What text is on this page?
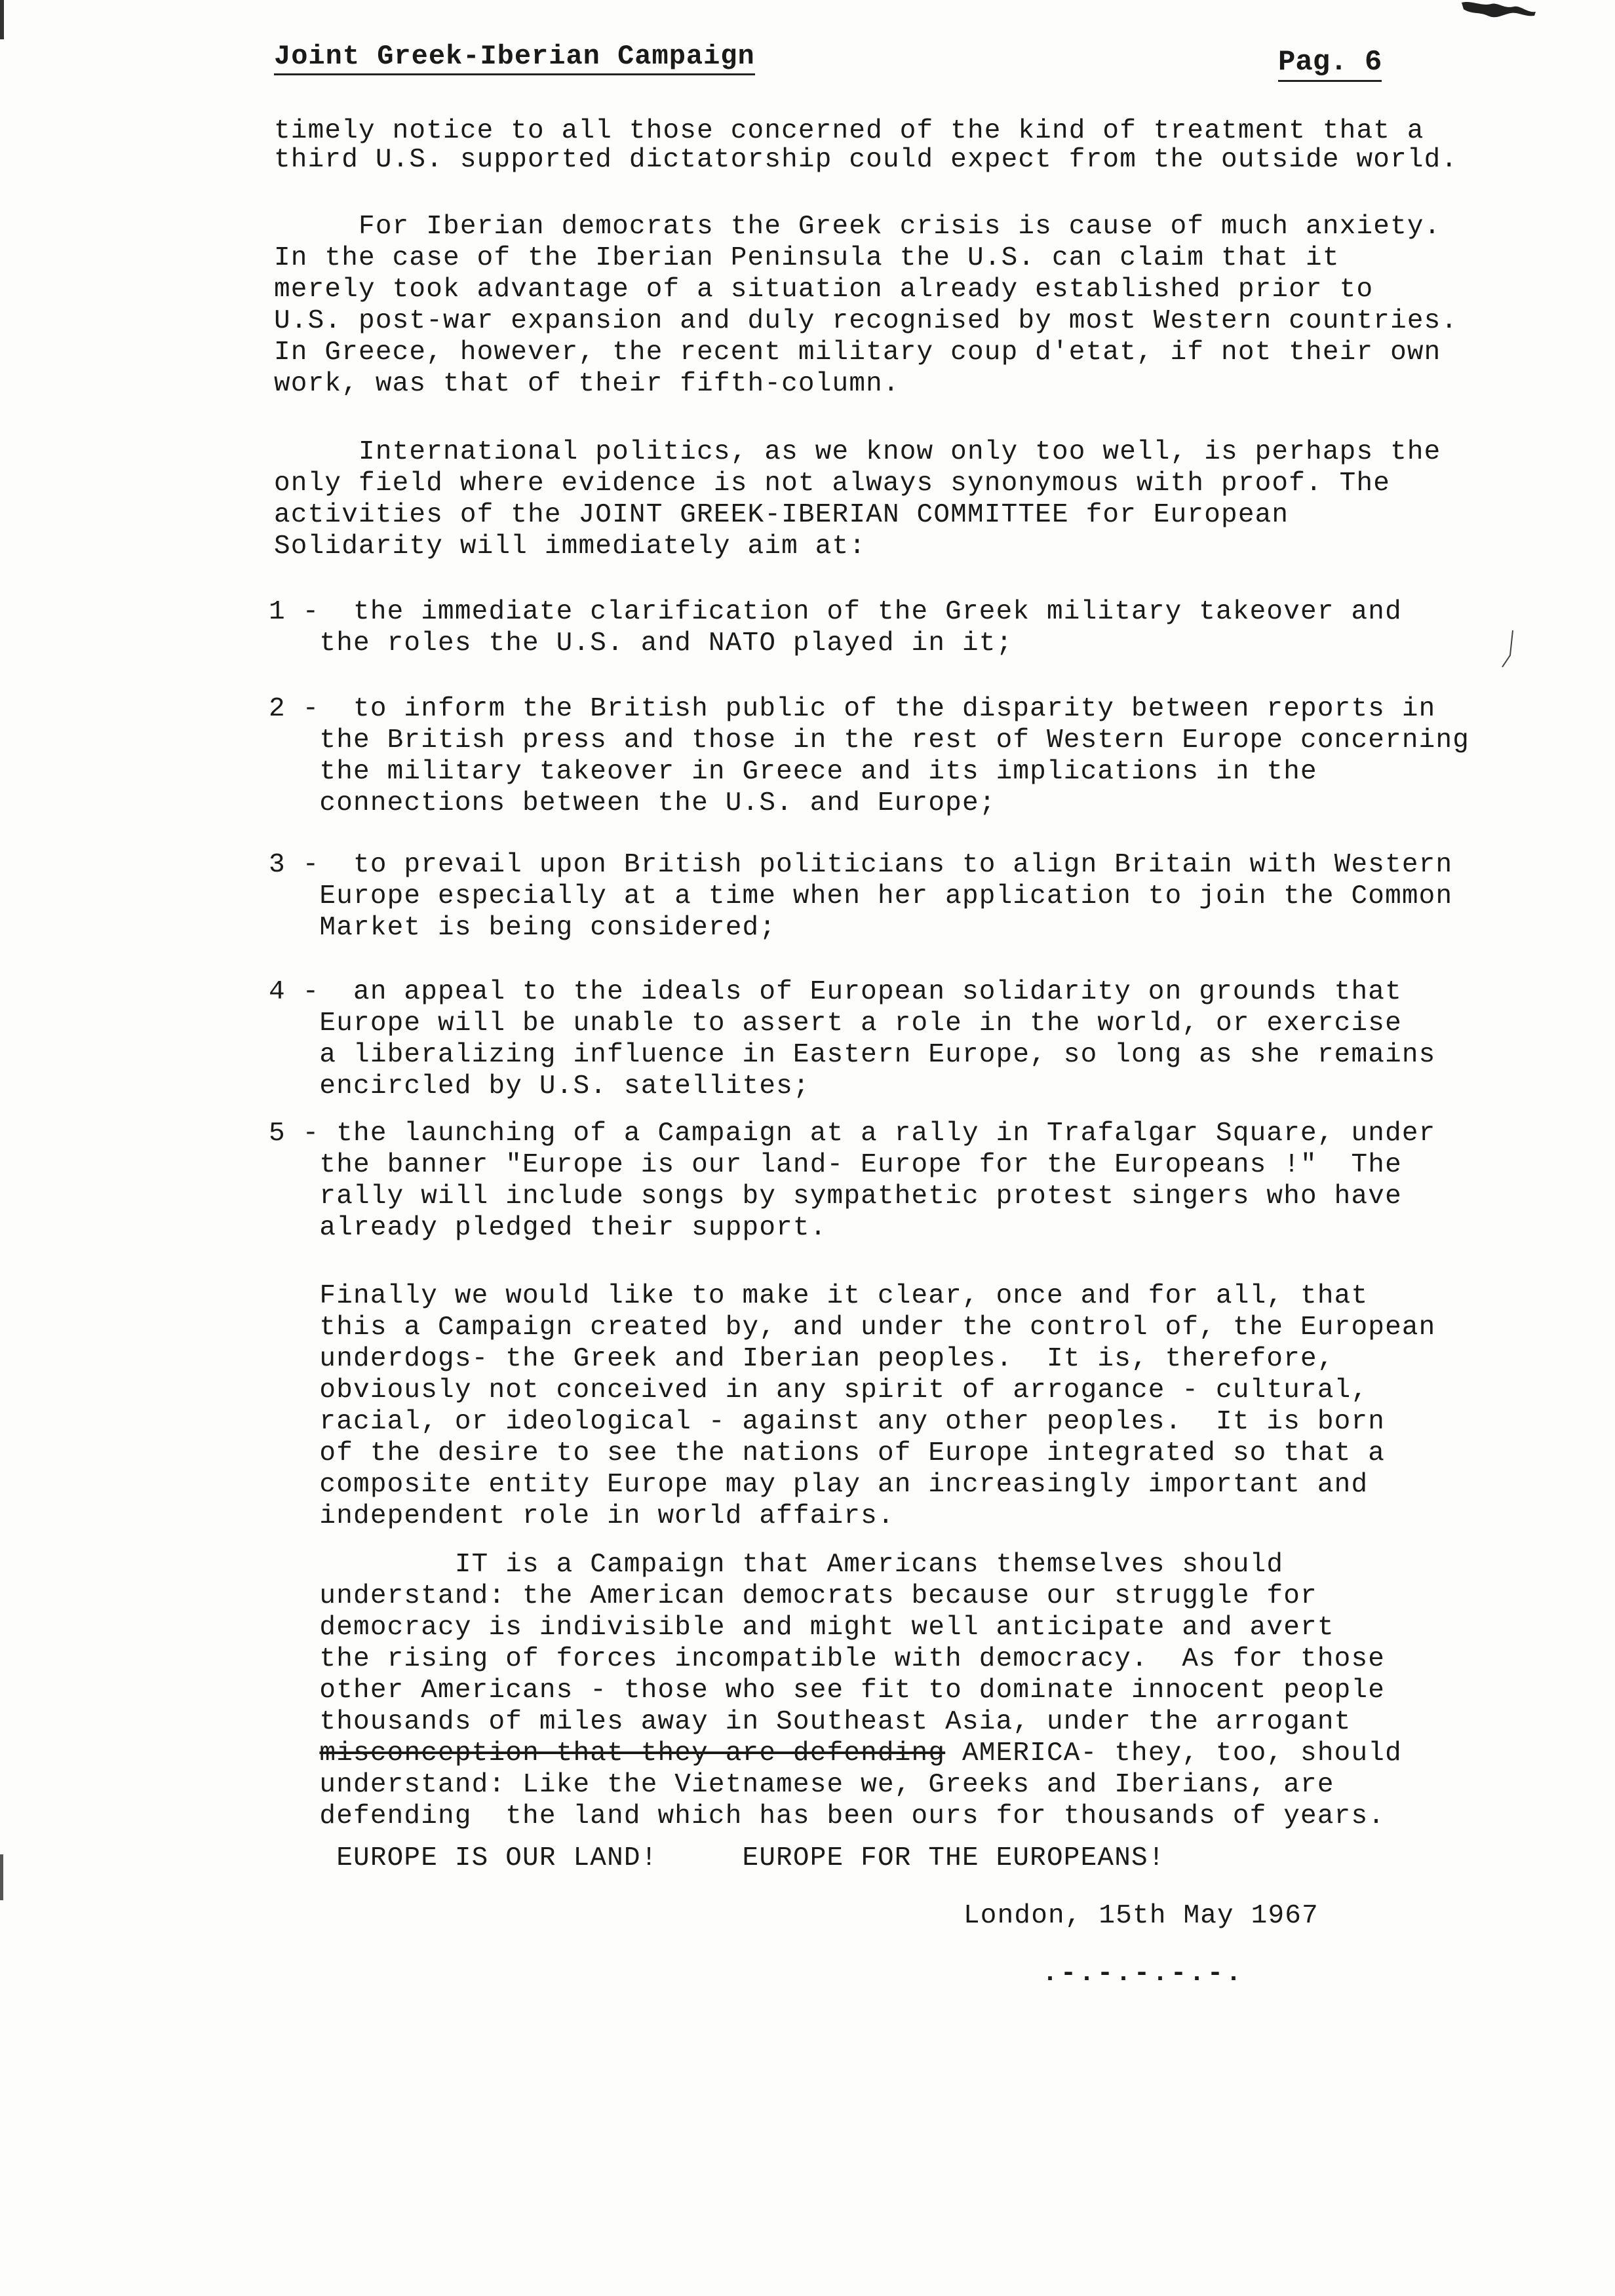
Joint Greek-Iberian Campaign	Pag. 6
timely notice to all those concerned of the kind of treatment that a
third U.S. supported dictatorship could expect from the outside world.
For Iberian democrats the Greek crisis is cause of much anxiety.
In the case of the Iberian Peninsula the U.S. can claim that it
merely took advantage of a situation already established prior to
U.S. post-war expansion and duly recognised by most Western countries.
In Greece, however, the recent military coup d'etat, if not their own
work, was that of their fifth-column.
International politics, as we know only too well, is perhaps the
only field where evidence is not always synonymous with proof. The
activities of the JOINT GREEK-IBERIAN COMMITTEE for European
Solidarity will immediately aim at:
1 -  the immediate clarification of the Greek military takeover and
the roles the U.S. and NATO played in it;
2 -  to inform the British public of the disparity between reports in
the British press and those in the rest of Western Europe concerning
the military takeover in Greece and its implications in the
connections between the U.S. and Europe;
3 -  to prevail upon British politicians to align Britain with Western
Europe especially at a time when her application to join the Common
Market is being considered;
4 -  an appeal to the ideals of European solidarity on grounds that
Europe will be unable to assert a role in the world, or exercise
a liberalizing influence in Eastern Europe, so long as she remains
encircled by U.S. satellites;
5 - the launching of a Campaign at a rally in Trafalgar Square, under
the banner "Europe is our land- Europe for the Europeans !"  The
rally will include songs by sympathetic protest singers who have
already pledged their support.
Finally we would like to make it clear, once and for all, that
this a Campaign created by, and under the control of, the European
underdogs- the Greek and Iberian peoples.  It is, therefore,
obviously not conceived in any spirit of arrogance - cultural,
racial, or ideological - against any other peoples.  It is born
of the desire to see the nations of Europe integrated so that a
composite entity Europe may play an increasingly important and
independent role in world affairs.
IT is a Campaign that Americans themselves should
understand: the American democrats because our struggle for
democracy is indivisible and might well anticipate and avert
the rising of forces incompatible with democracy.  As for those
other Americans - those who see fit to dominate innocent people
thousands of miles away in Southeast Asia, under the arrogant
misconception that they are defending AMERICA- they, too, should
understand: Like the Vietnamese we, Greeks and Iberians, are
defending  the land which has been ours for thousands of years.
EUROPE IS OUR LAND!     EUROPE FOR THE EUROPEANS!
London, 15th May 1967
.-.-.-.-.-.
